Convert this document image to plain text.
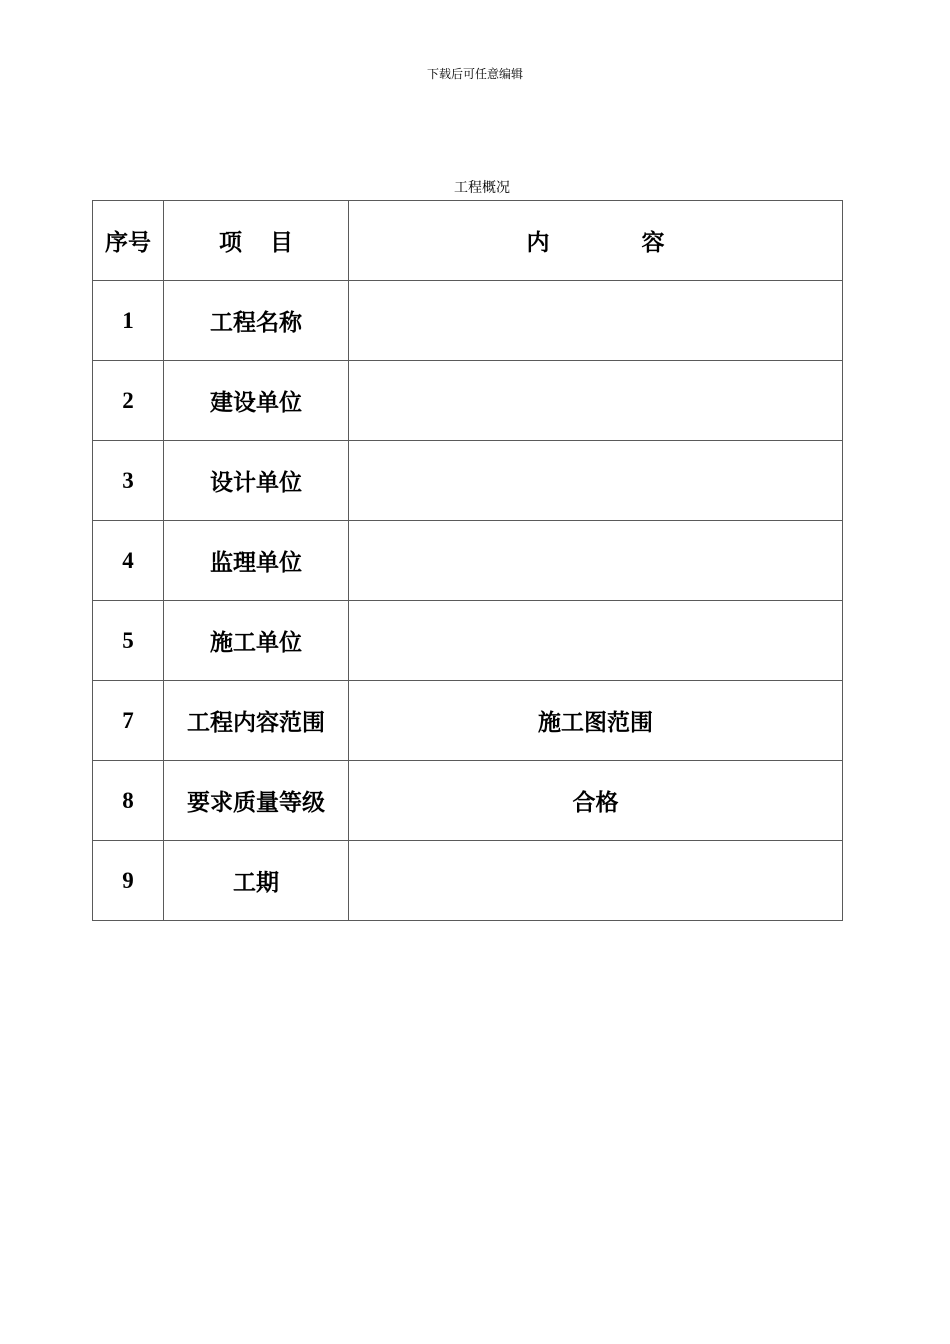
下载后可任意编辑
工程概况
序号	项 目	内 容
1	工程名称	
2	建设单位	
3	设计单位	
4	监理单位	
5	施工单位	
7	工程内容范围	施工图范围
8	要求质量等级	合格
9	工期	
